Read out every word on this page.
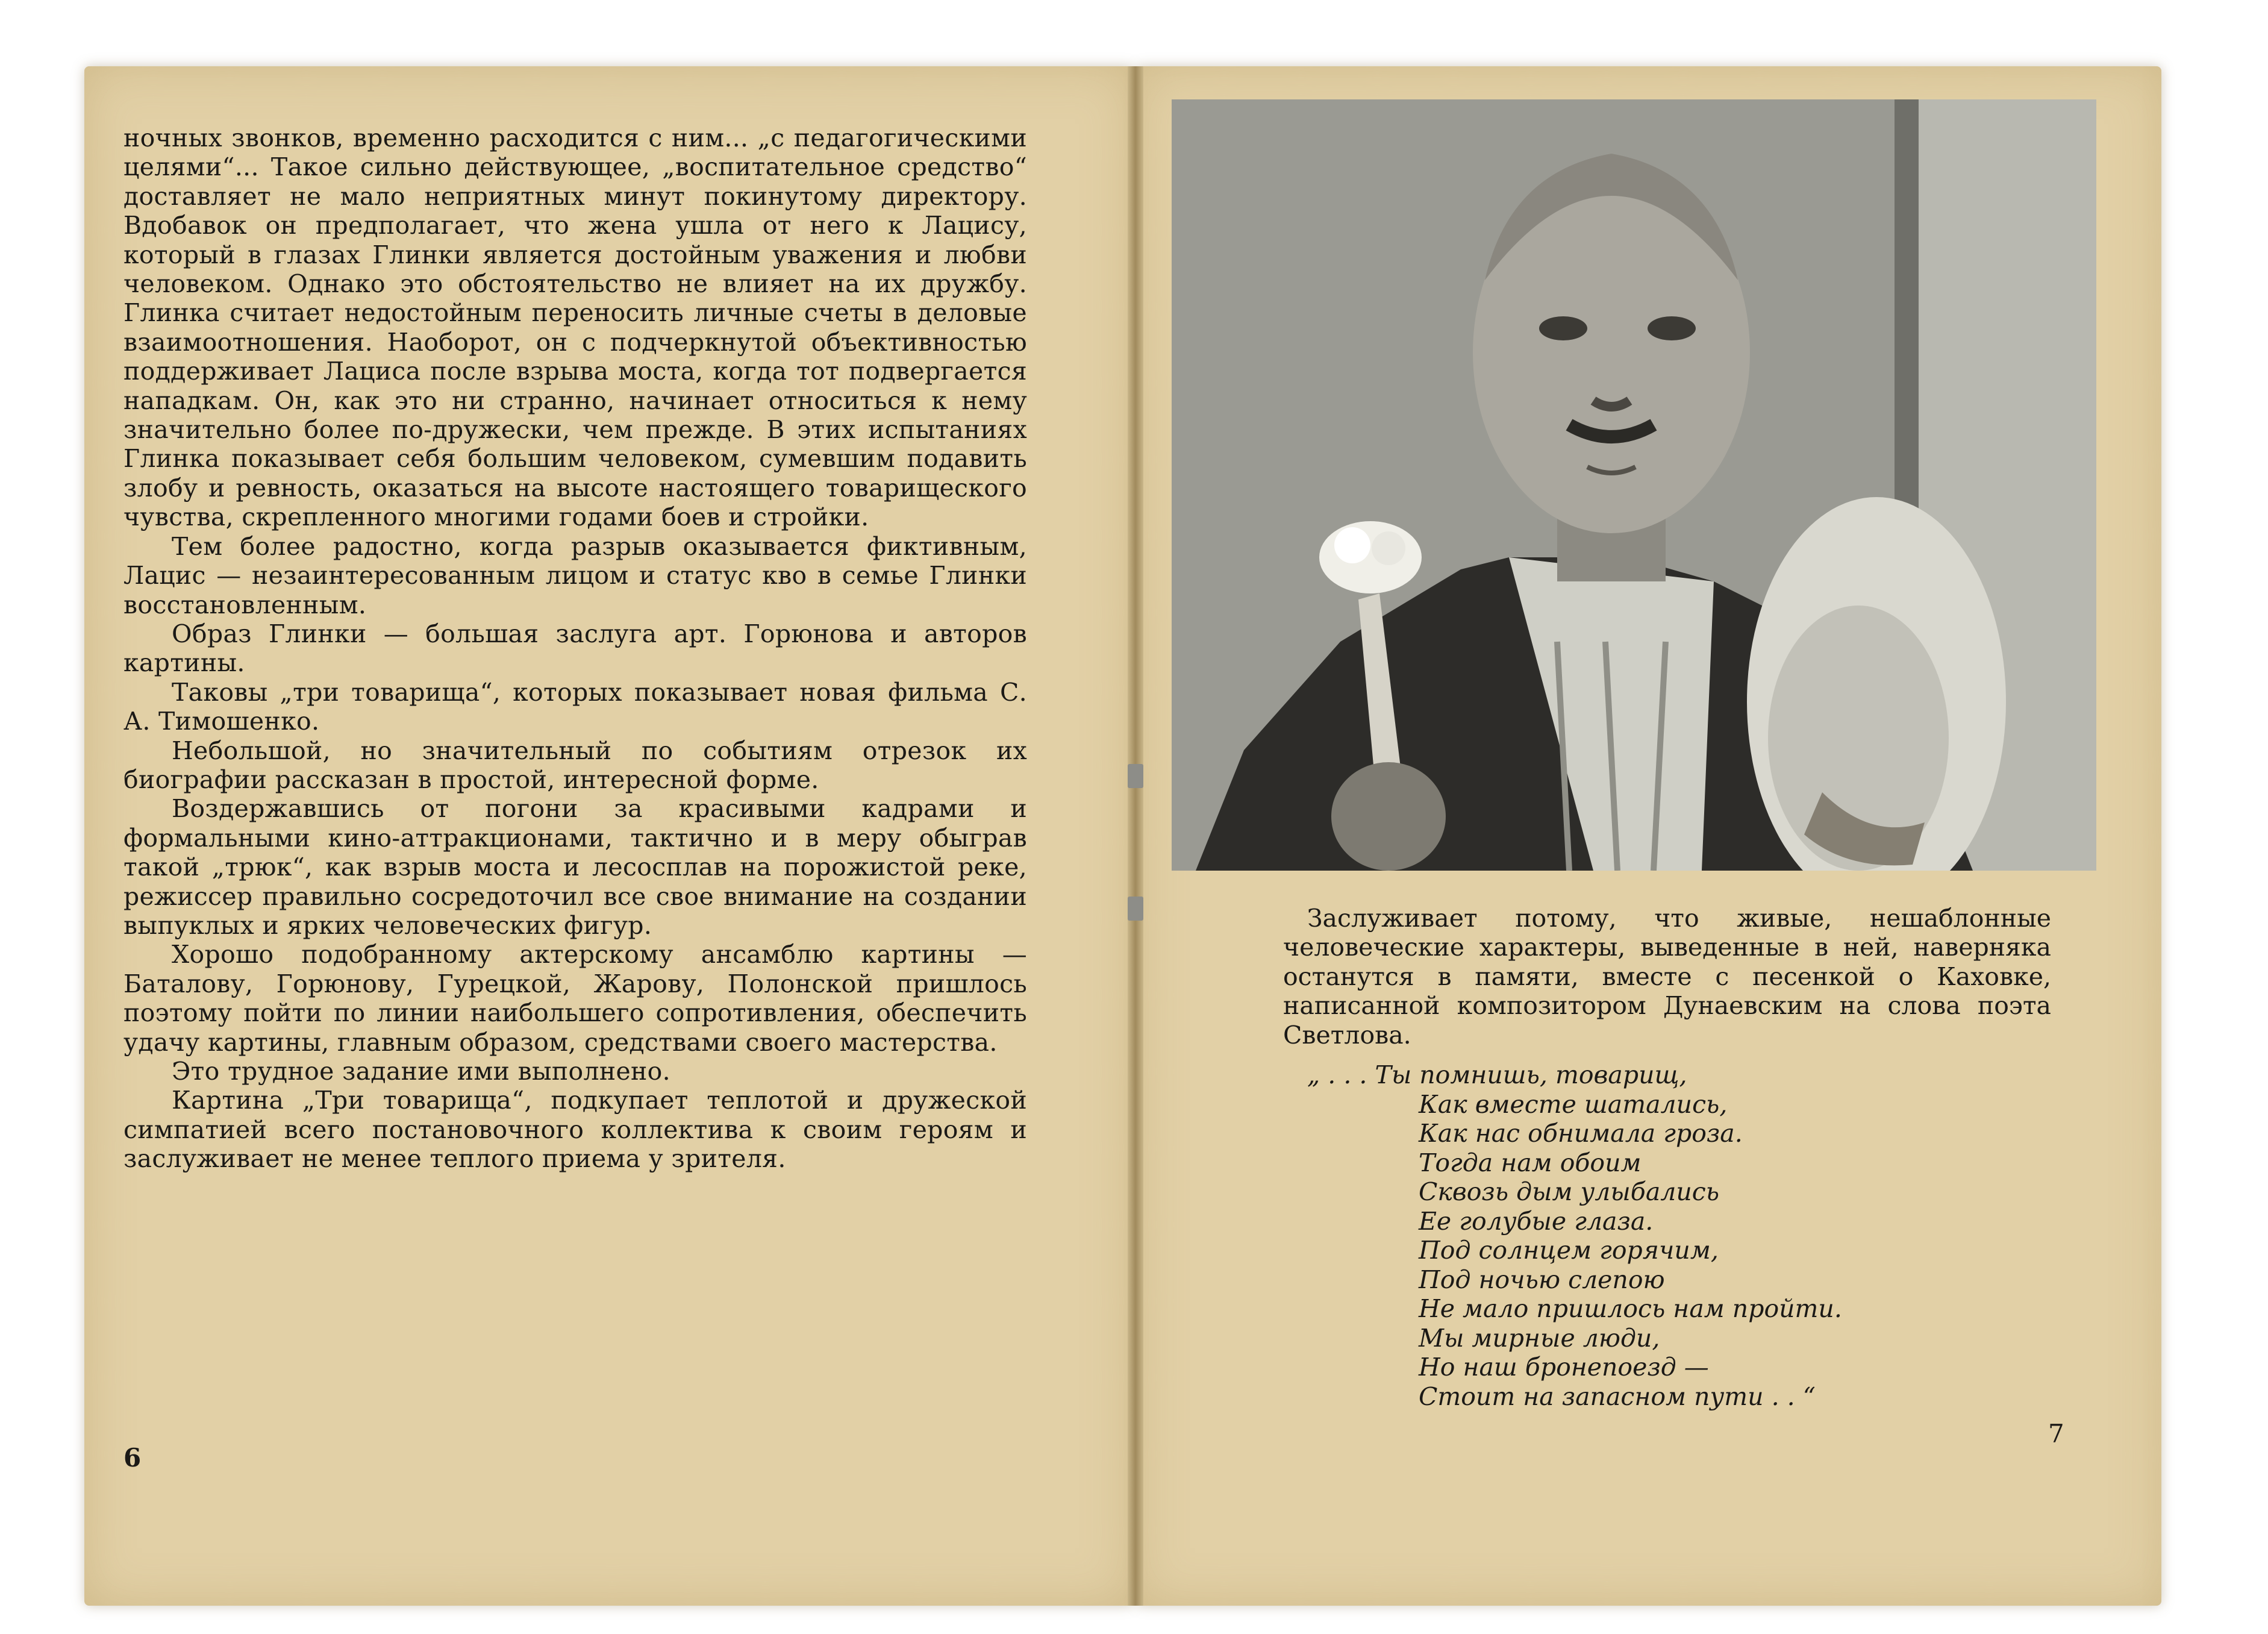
ночных звонков, временно расходится с ним... „с педагогическими целями“... Такое сильно действующее, „воспитательное средство“ доставляет не мало неприятных минут покинутому директору. Вдобавок он предполагает, что жена ушла от него к Лацису, который в глазах Глинки является достойным уважения и любви человеком. Однако это обстоятельство не влияет на их дружбу. Глинка считает недостойным переносить личные счеты в деловые взаимоотношения. Наоборот, он с подчеркнутой объективностью поддерживает Лациса после взрыва моста, когда тот подвергается нападкам. Он, как это ни странно, начинает относиться к нему значительно более по-дружески, чем прежде. В этих испытаниях Глинка показывает себя большим человеком, сумевшим подавить злобу и ревность, оказаться на высоте настоящего товарищеского чувства, скрепленного многими годами боев и стройки.

Тем более радостно, когда разрыв оказывается фиктивным, Лацис — незаинтересованным лицом и статус кво в семье Глинки восстановленным.

Образ Глинки — большая заслуга арт. Горюнова и авторов картины.

Таковы „три товарища“, которых показывает новая фильма С. А. Тимошенко.

Небольшой, но значительный по событиям отрезок их биографии рассказан в простой, интересной форме.

Воздержавшись от погони за красивыми кадрами и формальными кино-аттракционами, тактично и в меру обыграв такой „трюк“, как взрыв моста и лесосплав на порожистой реке, режиссер правильно сосредоточил все свое внимание на создании выпуклых и ярких человеческих фигур.

Хорошо подобранному актерскому ансамблю картины — Баталову, Горюнову, Гурецкой, Жарову, Полонской пришлось поэтому пойти по линии наибольшего сопротивления, обеспечить удачу картины, главным образом, средствами своего мастерства.

Это трудное задание ими выполнено.

Картина „Три товарища“, подкупает теплотой и дружеской симпатией всего постановочного коллектива к своим героям и заслуживает не менее теплого приема у зрителя.

6

Заслуживает потому, что живые, нешаблонные человеческие характеры, выведенные в ней, наверняка останутся в памяти, вместе с песенкой о Каховке, написанной композитором Дунаевским на слова поэта Светлова.

„ . . . Ты помнишь, товарищ,
Как вместе шатались,
Как нас обнимала гроза.
Тогда нам обоим
Сквозь дым улыбались
Ее голубые глаза.
Под солнцем горячим,
Под ночью слепою
Не мало пришлось нам пройти.
Мы мирные люди,
Но наш бронепоезд —
Стоит на запасном пути . . “
7
